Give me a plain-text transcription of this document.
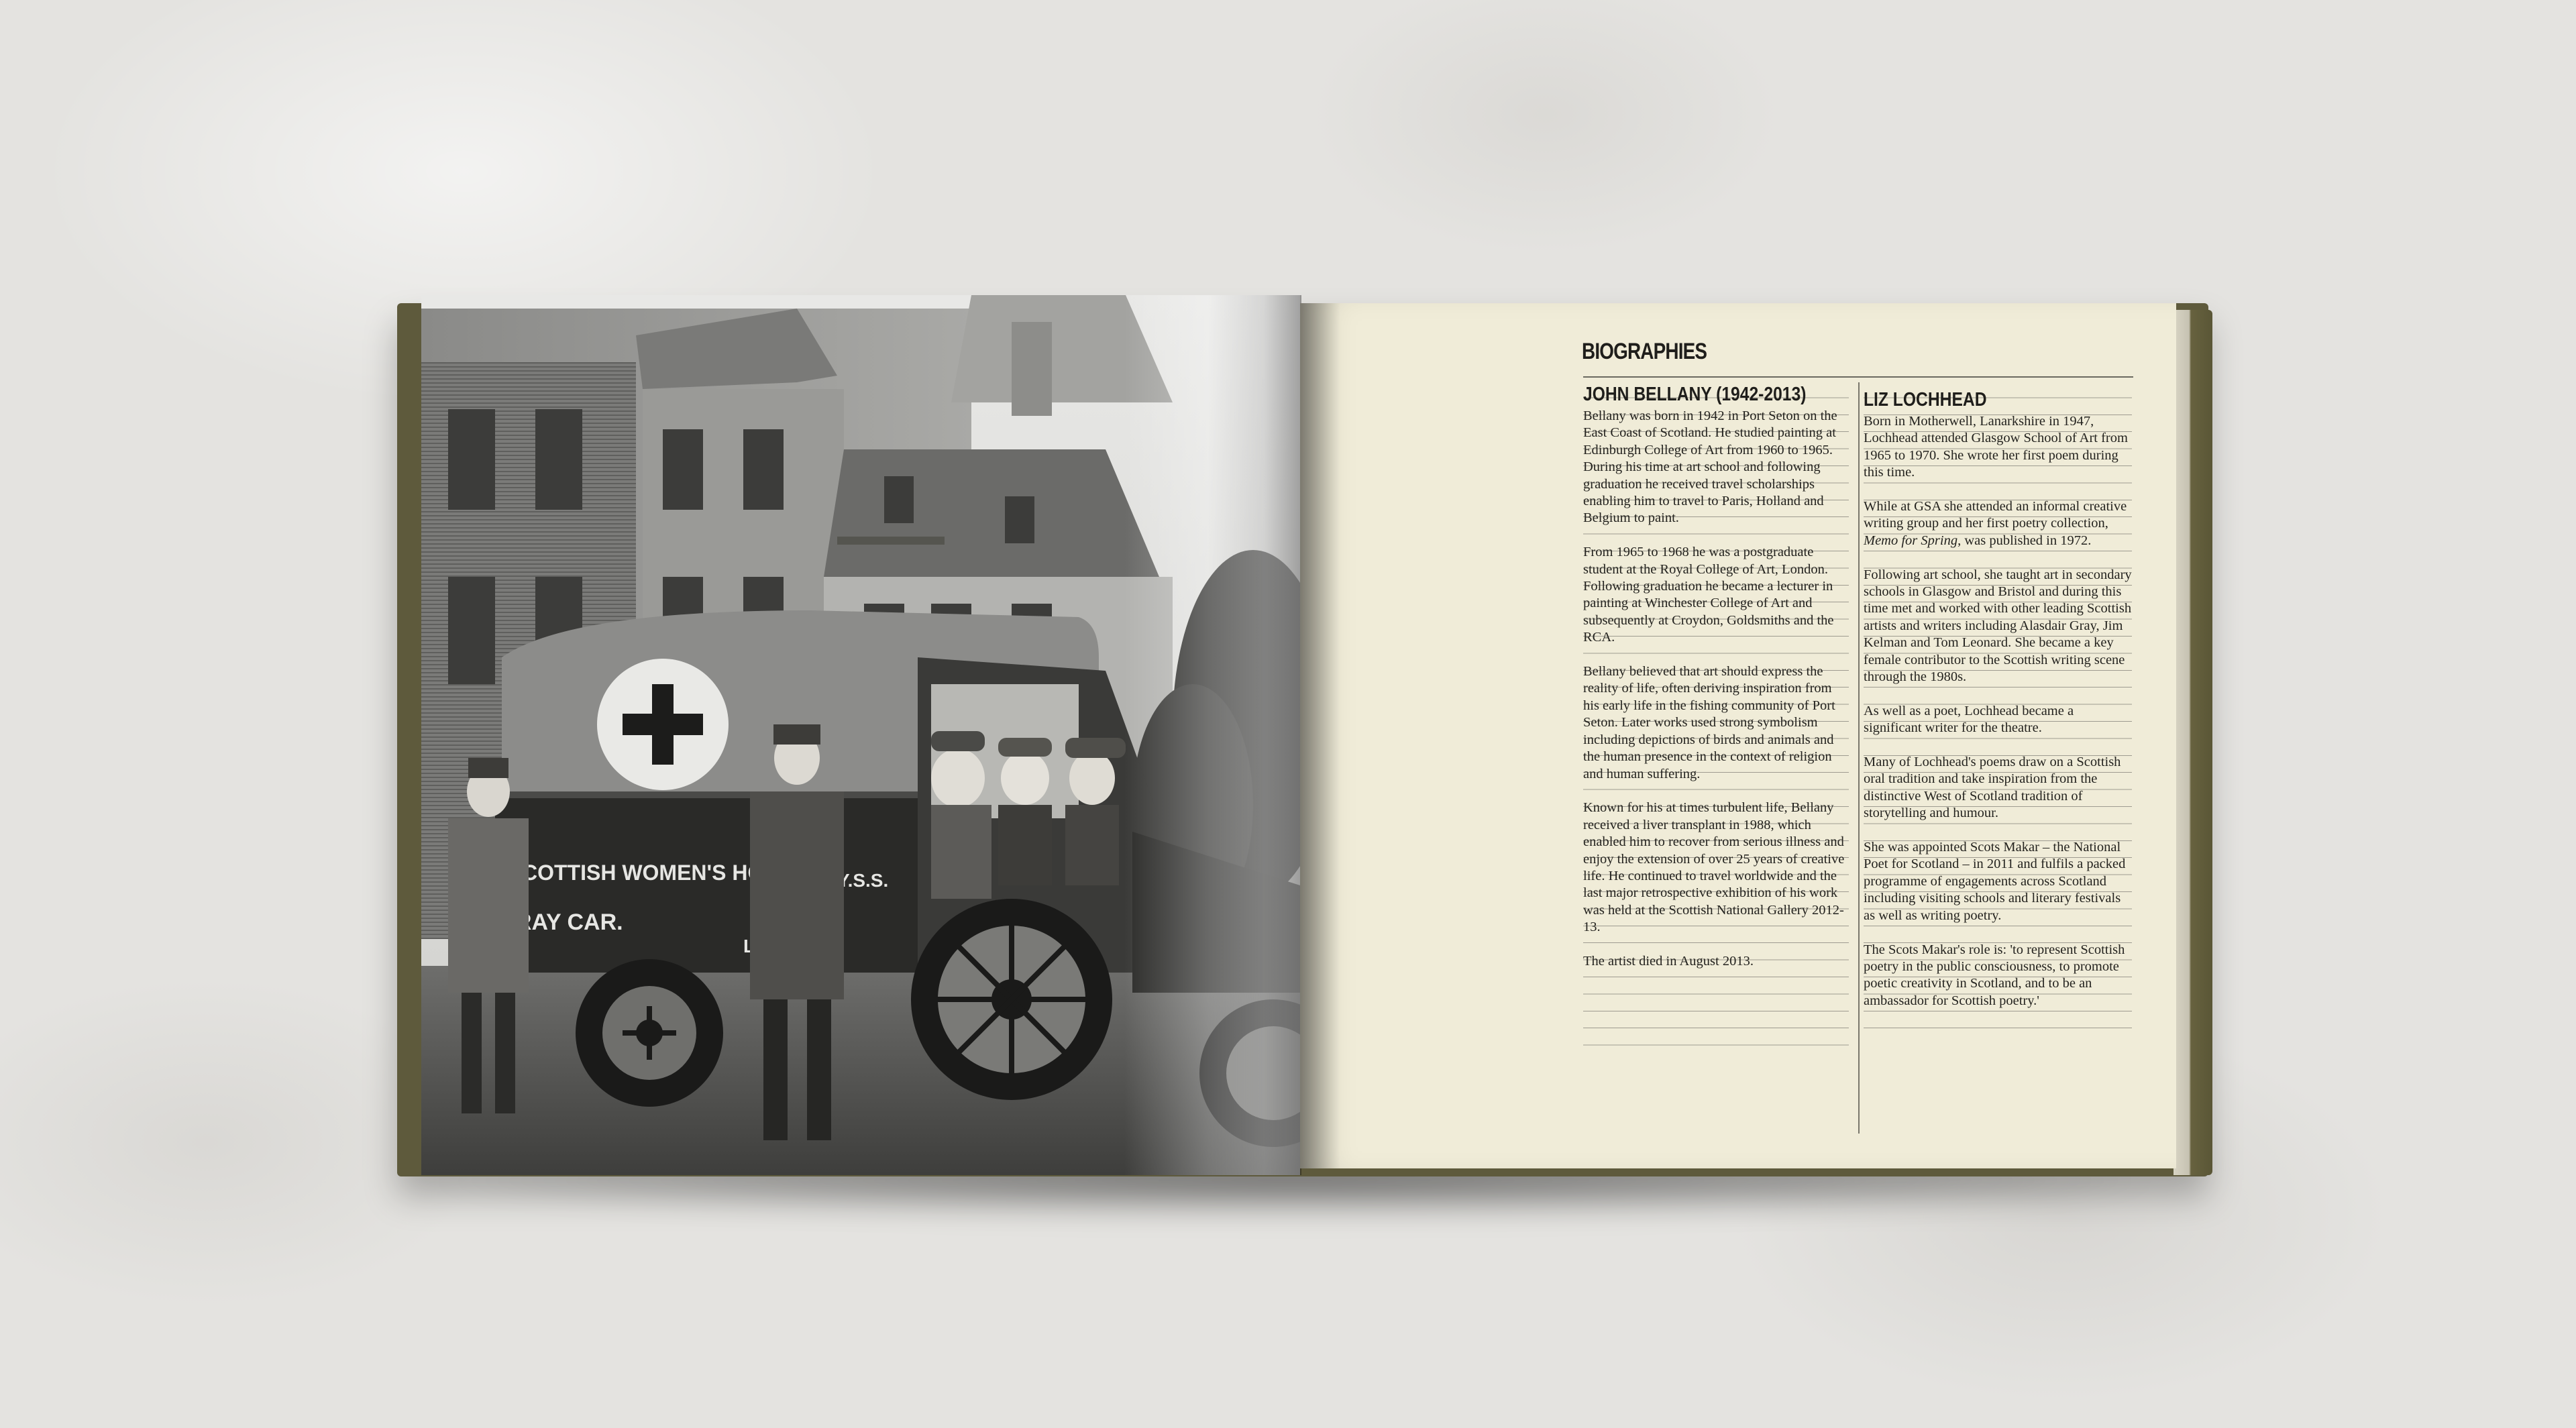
BIOGRAPHIES
JOHN BELLANY (1942-2013)

Bellany was born in 1942 in Port Seton on the East Coast of Scotland. He studied painting at Edinburgh College of Art from 1960 to 1965. During his time at art school and following graduation he received travel scholarships enabling him to travel to Paris, Holland and Belgium to paint.

From 1965 to 1968 he was a postgraduate student at the Royal College of Art, London. Following graduation he became a lecturer in painting at Winchester College of Art and subsequently at Croydon, Goldsmiths and the RCA.

Bellany believed that art should express the reality of life, often deriving inspiration from his early life in the fishing community of Port Seton. Later works used strong symbolism including depictions of birds and animals and the human presence in the context of religion and human suffering.

Known for his at times turbulent life, Bellany received a liver transplant in 1988, which enabled him to recover from serious illness and enjoy the extension of over 25 years of creative life. He continued to travel worldwide and the last major retrospective exhibition of his work was held at the Scottish National Gallery 2012-13.

The artist died in August 2013.

LIZ LOCHHEAD

Born in Motherwell, Lanarkshire in 1947, Lochhead attended Glasgow School of Art from 1965 to 1970. She wrote her first poem during this time.

While at GSA she attended an informal creative writing group and her first poetry collection, Memo for Spring, was published in 1972.

Following art school, she taught art in secondary schools in Glasgow and Bristol and during this time met and worked with other leading Scottish artists and writers including Alasdair Gray, Jim Kelman and Tom Leonard. She became a key female contributor to the Scottish writing scene through the 1980s.

As well as a poet, Lochhead became a significant writer for the theatre.

Many of Lochhead's poems draw on a Scottish oral tradition and take inspiration from the distinctive West of Scotland tradition of storytelling and humour.

She was appointed Scots Makar – the National Poet for Scotland – in 2011 and fulfils a packed programme of engagements across Scotland including visiting schools and literary festivals as well as writing poetry.

The Scots Makar's role is: 'to represent Scottish poetry in the public consciousness, to promote poetic creativity in Scotland, and to be an ambassador for Scottish poetry.'
